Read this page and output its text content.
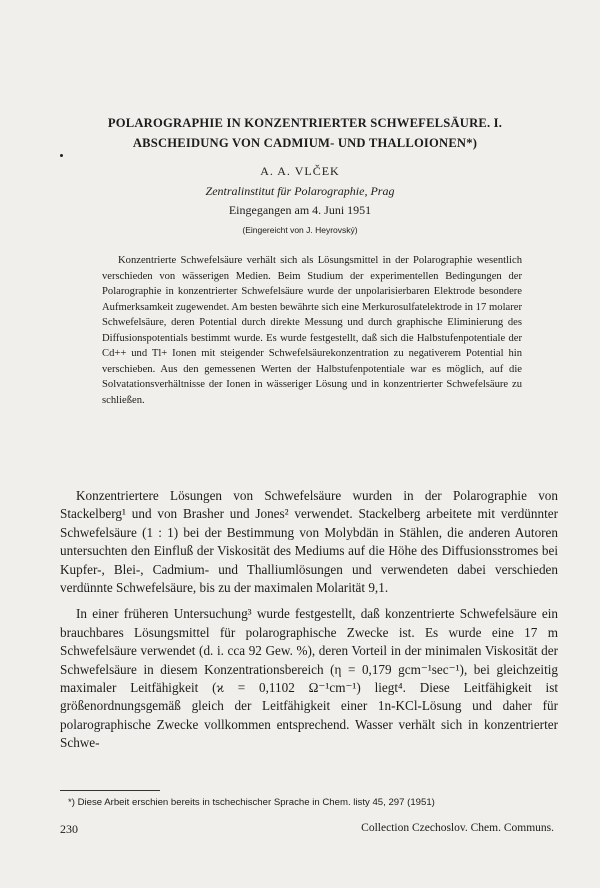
POLAROGRAPHIE IN KONZENTRIERTER SCHWEFELSÄURE. I.
ABSCHEIDUNG VON CADMIUM- UND THALLOIONEN*)
A. A. VLČEK
Zentralinstitut für Polarographie, Prag
Eingegangen am 4. Juni 1951
(Eingereicht von J. Heyrovský)
Konzentrierte Schwefelsäure verhält sich als Lösungsmittel in der Polarographie wesentlich verschieden von wässerigen Medien. Beim Studium der experimentellen Bedingungen der Polarographie in konzentrierter Schwefelsäure wurde der unpolarisierbaren Elektrode besondere Aufmerksamkeit zugewendet. Am besten bewährte sich eine Merkurosulfatelektrode in 17 molarer Schwefelsäure, deren Potential durch direkte Messung und durch graphische Eliminierung des Diffusionspotentials bestimmt wurde. Es wurde festgestellt, daß sich die Halbstufenpotentiale der Cd++ und Tl+ Ionen mit steigender Schwefelsäurekonzentration zu negativerem Potential hin verschieben. Aus den gemessenen Werten der Halbstufenpotentiale war es möglich, auf die Solvatationsverhältnisse der Ionen in wässeriger Lösung und in konzentrierter Schwefelsäure zu schließen.

Konzentriertere Lösungen von Schwefelsäure wurden in der Polarographie von Stackelberg¹ und von Brasher und Jones² verwendet. Stackelberg arbeitete mit verdünnter Schwefelsäure (1 : 1) bei der Bestimmung von Molybdän in Stählen, die anderen Autoren untersuchten den Einfluß der Viskosität des Mediums auf die Höhe des Diffusionsstromes bei Kupfer-, Blei-, Cadmium- und Thalliumlösungen und verwendeten dabei verschieden verdünnte Schwefelsäure, bis zu der maximalen Molarität 9,1.

In einer früheren Untersuchung³ wurde festgestellt, daß konzentrierte Schwefelsäure ein brauchbares Lösungsmittel für polarographische Zwecke ist. Es wurde eine 17 m Schwefelsäure verwendet (d. i. cca 92 Gew. %), deren Vorteil in der minimalen Viskosität der Schwefelsäure in diesem Konzentrationsbereich (η = 0,179 gcm⁻¹sec⁻¹), bei gleichzeitig maximaler Leitfähigkeit (ϰ = 0,1102 Ω⁻¹cm⁻¹) liegt⁴. Diese Leitfähigkeit ist größenordnungsgemäß gleich der Leitfähigkeit einer 1n-KCl-Lösung und daher für polarographische Zwecke vollkommen entsprechend. Wasser verhält sich in konzentrierter Schwe-

*) Diese Arbeit erschien bereits in tschechischer Sprache in Chem. listy 45, 297 (1951)
230	Collection Czechoslov. Chem. Communs.
